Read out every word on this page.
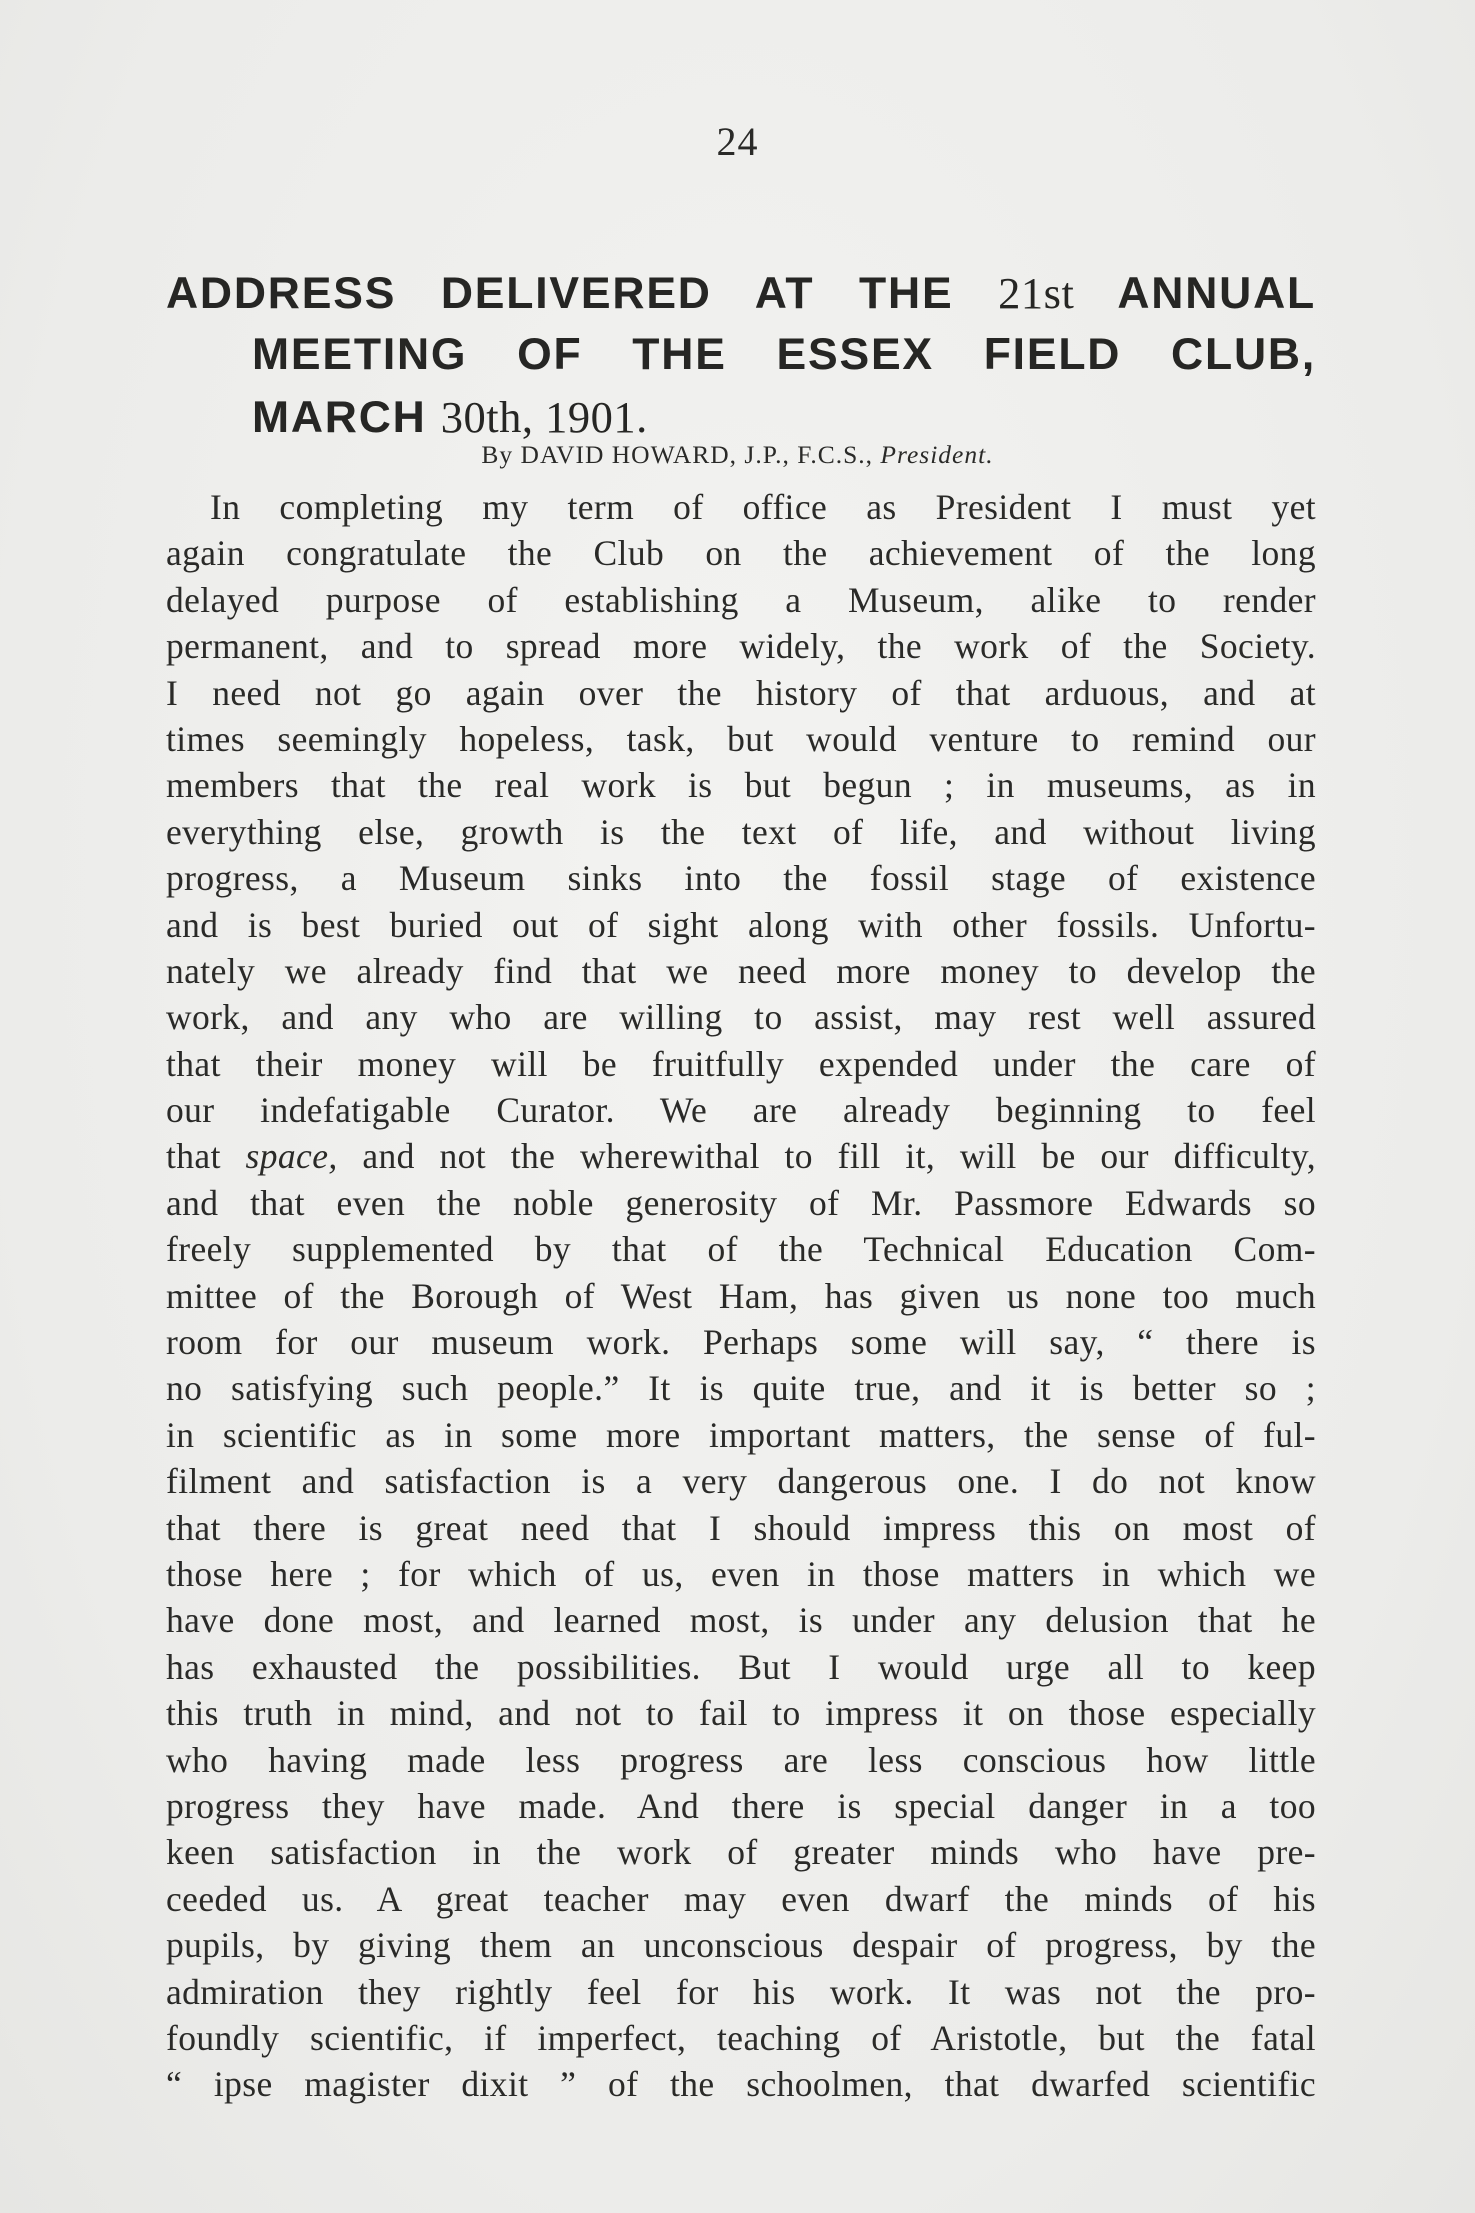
24
ADDRESS DELIVERED AT THE 21st ANNUAL
MEETING OF THE ESSEX FIELD CLUB,
MARCH 30th, 1901.
By DAVID HOWARD, J.P., F.C.S., President.
In completing my term of office as President I must yet
again congratulate the Club on the achievement of the long
delayed purpose of establishing a Museum, alike to render
permanent, and to spread more widely, the work of the Society.
I need not go again over the history of that arduous, and at
times seemingly hopeless, task, but would venture to remind our
members that the real work is but begun ; in museums, as in
everything else, growth is the text of life, and without living
progress, a Museum sinks into the fossil stage of existence
and is best buried out of sight along with other fossils. Unfortu-
nately we already find that we need more money to develop the
work, and any who are willing to assist, may rest well assured
that their money will be fruitfully expended under the care of
our indefatigable Curator. We are already beginning to feel
that space, and not the wherewithal to fill it, will be our difficulty,
and that even the noble generosity of Mr. Passmore Edwards so
freely supplemented by that of the Technical Education Com-
mittee of the Borough of West Ham, has given us none too much
room for our museum work. Perhaps some will say, “ there is
no satisfying such people.” It is quite true, and it is better so ;
in scientific as in some more important matters, the sense of ful-
filment and satisfaction is a very dangerous one. I do not know
that there is great need that I should impress this on most of
those here ; for which of us, even in those matters in which we
have done most, and learned most, is under any delusion that he
has exhausted the possibilities. But I would urge all to keep
this truth in mind, and not to fail to impress it on those especially
who having made less progress are less conscious how little
progress they have made. And there is special danger in a too
keen satisfaction in the work of greater minds who have pre-
ceeded us. A great teacher may even dwarf the minds of his
pupils, by giving them an unconscious despair of progress, by the
admiration they rightly feel for his work. It was not the pro-
foundly scientific, if imperfect, teaching of Aristotle, but the fatal
“ ipse magister dixit ” of the schoolmen, that dwarfed scientific
